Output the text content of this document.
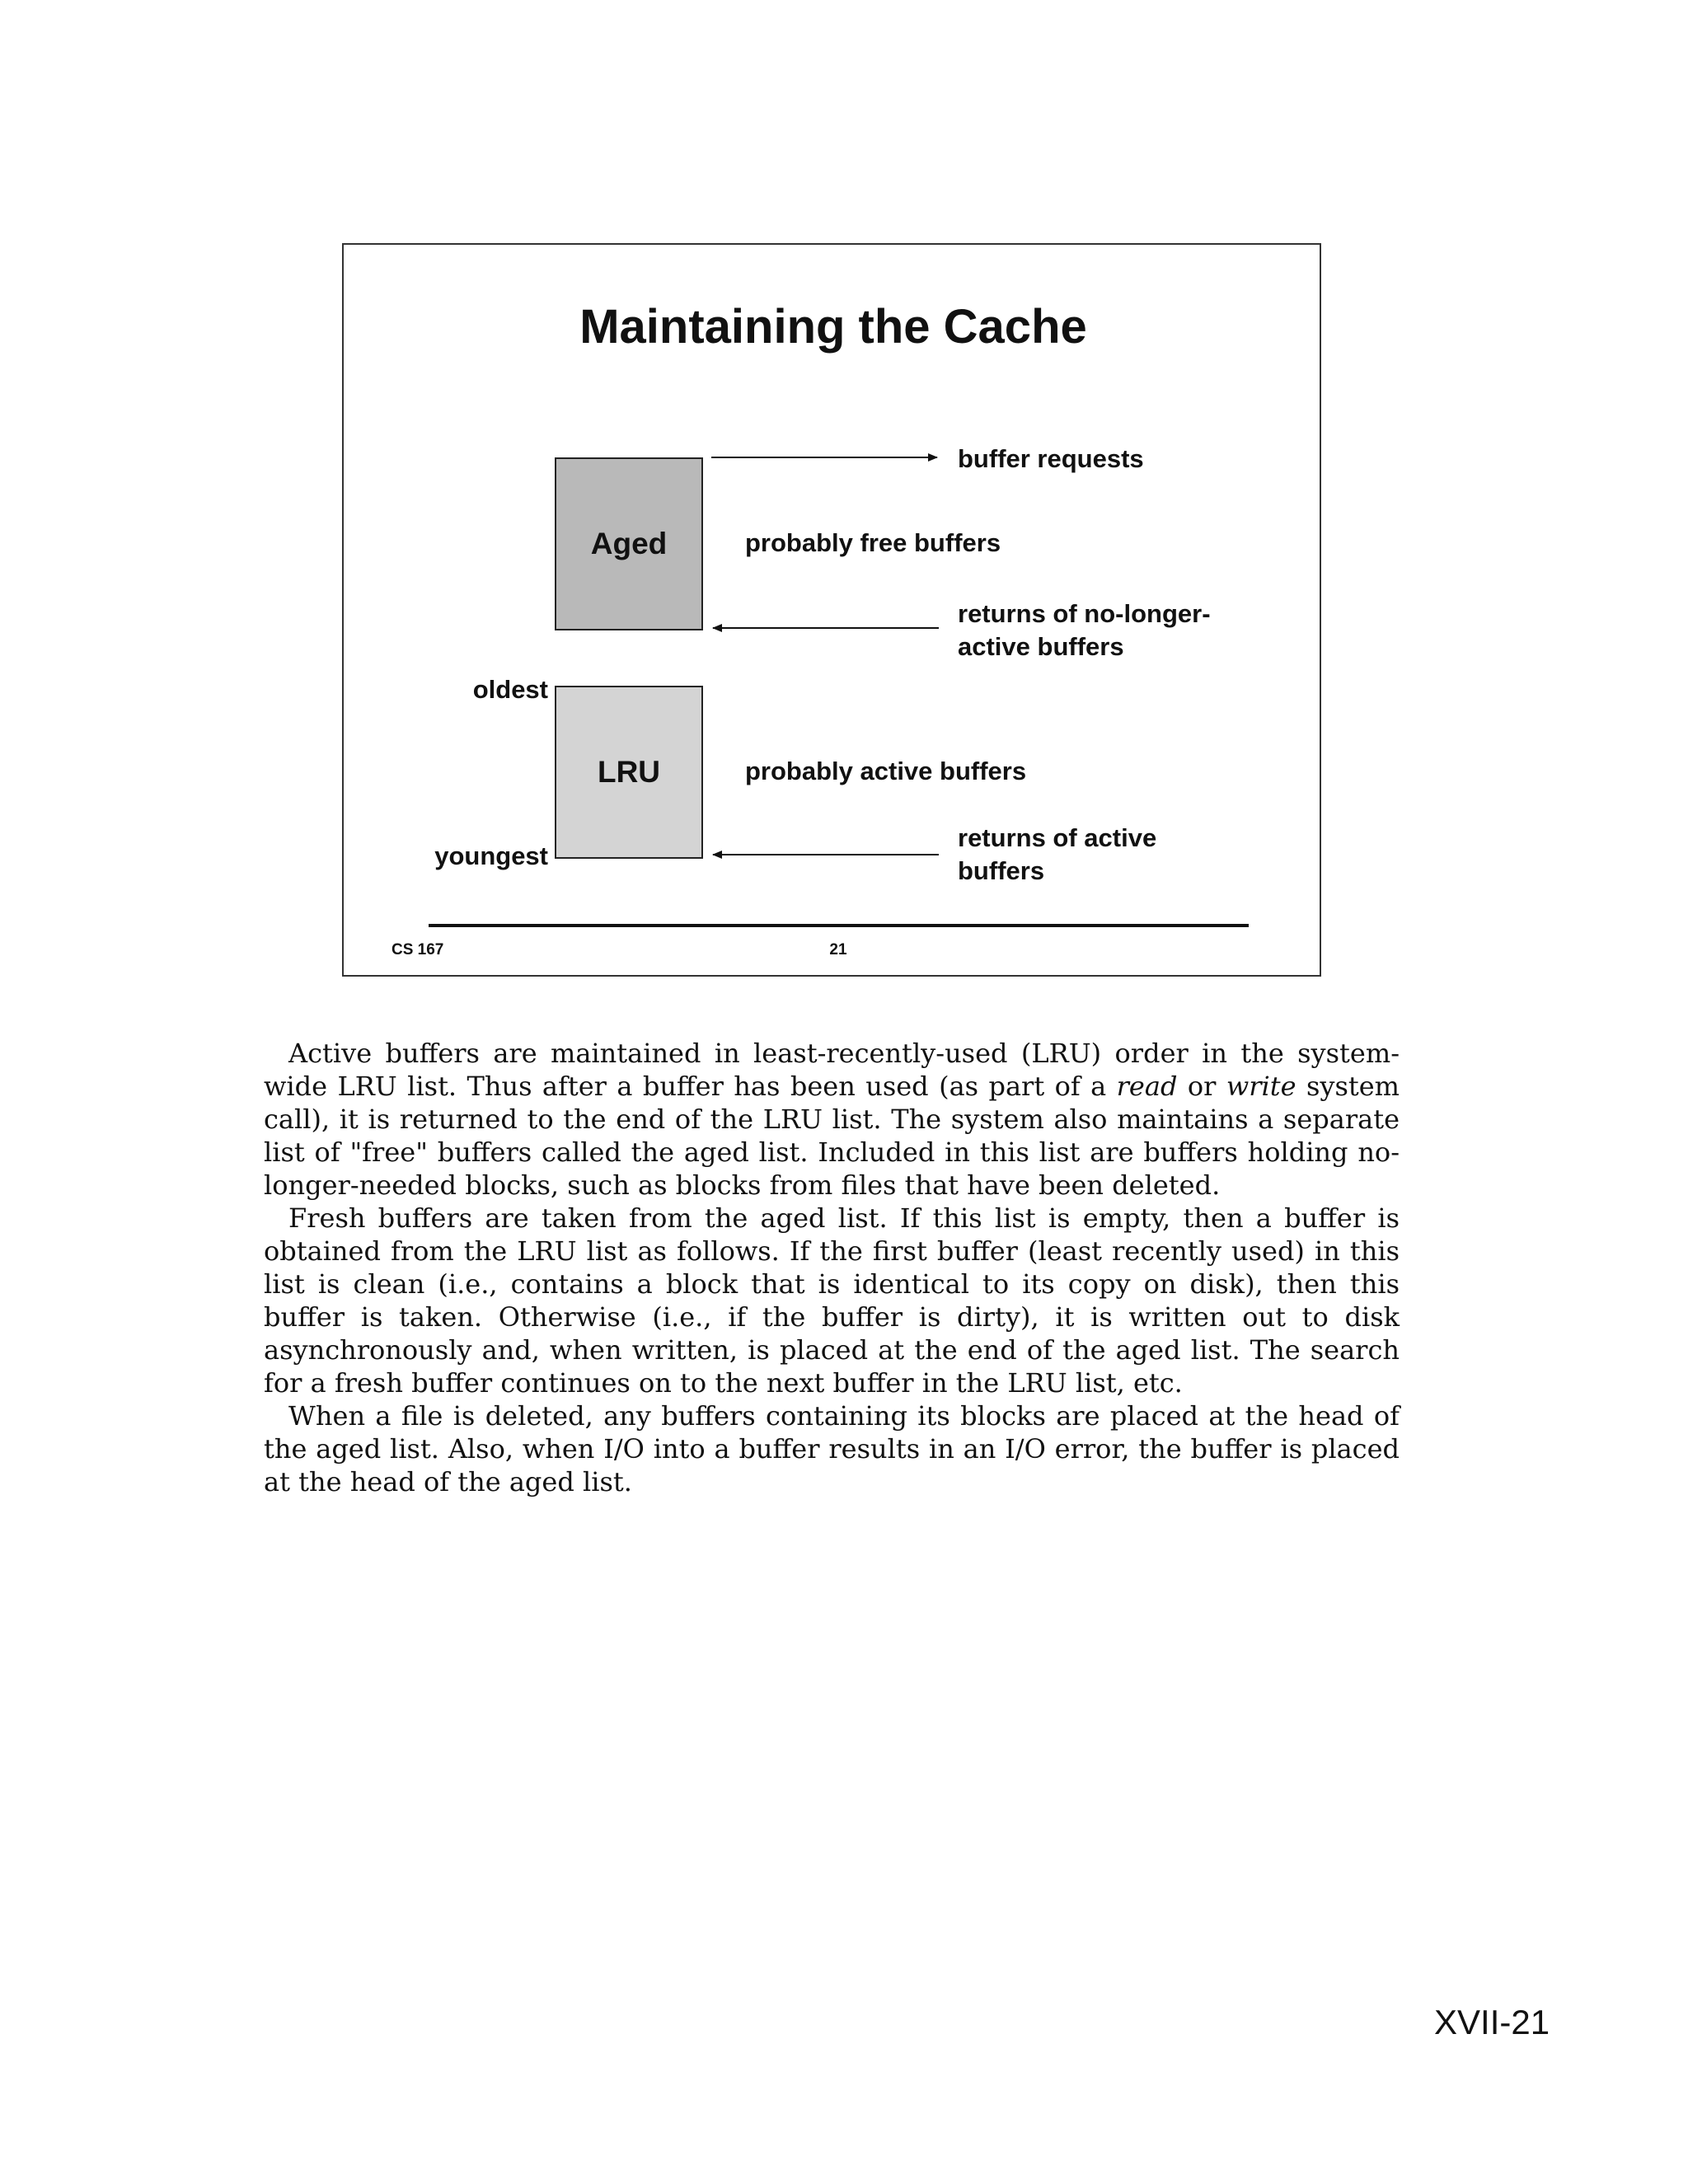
Maintaining the Cache
Aged
LRU
buffer requests
probably free buffers
returns of no-longer-
active buffers
oldest
probably active buffers
returns of active
buffers
youngest
CS 167	21

Active buffers are maintained in least-recently-used (LRU) order in the system-wide LRU list. Thus after a buffer has been used (as part of a read or write system call), it is returned to the end of the LRU list. The system also maintains a separate list of "free" buffers called the aged list. Included in this list are buffers holding no-longer-needed blocks, such as blocks from files that have been deleted.

Fresh buffers are taken from the aged list. If this list is empty, then a buffer is obtained from the LRU list as follows. If the first buffer (least recently used) in this list is clean (i.e., contains a block that is identical to its copy on disk), then this buffer is taken. Otherwise (i.e., if the buffer is dirty), it is written out to disk asynchronously and, when written, is placed at the end of the aged list. The search for a fresh buffer continues on to the next buffer in the LRU list, etc.

When a file is deleted, any buffers containing its blocks are placed at the head of the aged list. Also, when I/O into a buffer results in an I/O error, the buffer is placed at the head of the aged list.

XVII-21
